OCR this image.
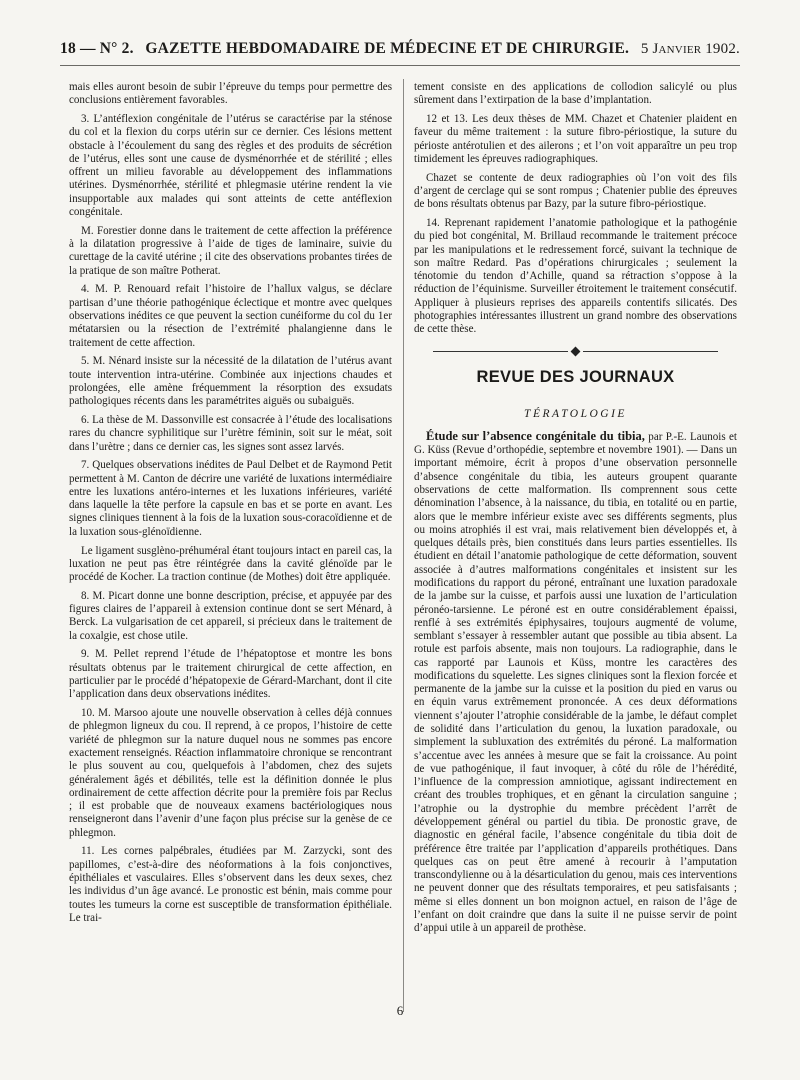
18 — N° 2. GAZETTE HEBDOMADAIRE DE MÉDECINE ET DE CHIRURGIE. 5 Janvier 1902.

mais elles auront besoin de subir l’épreuve du temps pour permettre des conclusions entièrement favorables.

3. L’antéflexion congénitale de l’utérus se caractérise par la sténose du col et la flexion du corps utérin sur ce dernier. Ces lésions mettent obstacle à l’écoulement du sang des règles et des produits de sécrétion de l’utérus, elles sont une cause de dysménorrhée et de stérilité ; elles offrent un milieu favorable au développement des inflammations utérines. Dysménorrhée, stérilité et phlegmasie utérine rendent la vie insupportable aux malades qui sont atteints de cette antéflexion congénitale.

M. Forestier donne dans le traitement de cette affection la préférence à la dilatation progressive à l’aide de tiges de laminaire, suivie du curettage de la cavité utérine ; il cite des observations probantes tirées de la pratique de son maître Potherat.

4. M. P. Renouard refait l’histoire de l’hallux valgus, se déclare partisan d’une théorie pathogénique éclectique et montre avec quelques observations inédites ce que peuvent la section cunéiforme du col du 1er métatarsien ou la résection de l’extrémité phalangienne dans le traitement de cette affection.

5. M. Nénard insiste sur la nécessité de la dilatation de l’utérus avant toute intervention intra-utérine. Combinée aux injections chaudes et prolongées, elle amène fréquemment la résorption des exsudats pathologiques récents dans les paramétrites aiguës ou subaiguës.

6. La thèse de M. Dassonville est consacrée à l’étude des localisations rares du chancre syphilitique sur l’urètre féminin, soit sur le méat, soit dans l’urètre ; dans ce dernier cas, les signes sont assez larvés.

7. Quelques observations inédites de Paul Delbet et de Raymond Petit permettent à M. Canton de décrire une variété de luxations intermédiaire entre les luxations antéro-internes et les luxations inférieures, variété dans laquelle la tête perfore la capsule en bas et se porte en avant. Les signes cliniques tiennent à la fois de la luxation sous-coracoïdienne et de la luxation sous-glénoïdienne.

Le ligament susglèno-préhuméral étant toujours intact en pareil cas, la luxation ne peut pas être réintégrée dans la cavité glénoïde par le procédé de Kocher. La traction continue (de Mothes) doit être appliquée.

8. M. Picart donne une bonne description, précise, et appuyée par des figures claires de l’appareil à extension continue dont se sert Ménard, à Berck. La vulgarisation de cet appareil, si précieux dans le traitement de la coxalgie, est chose utile.

9. M. Pellet reprend l’étude de l’hépatoptose et montre les bons résultats obtenus par le traitement chirurgical de cette affection, en particulier par le procédé d’hépatopexie de Gérard-Marchant, dont il cite l’application dans deux observations inédites.

10. M. Marsoo ajoute une nouvelle observation à celles déjà connues de phlegmon ligneux du cou. Il reprend, à ce propos, l’histoire de cette variété de phlegmon sur la nature duquel nous ne sommes pas encore exactement renseignés. Réaction inflammatoire chronique se rencontrant le plus souvent au cou, quelquefois à l’abdomen, chez des sujets généralement âgés et débilités, telle est la définition donnée le plus ordinairement de cette affection décrite pour la première fois par Reclus ; il est probable que de nouveaux examens bactériologiques nous renseigneront dans l’avenir d’une façon plus précise sur la genèse de ce phlegmon.

11. Les cornes palpébrales, étudiées par M. Zarzycki, sont des papillomes, c’est-à-dire des néoformations à la fois conjonctives, épithéliales et vasculaires. Elles s’observent dans les deux sexes, chez les individus d’un âge avancé. Le pronostic est bénin, mais comme pour toutes les tumeurs la corne est susceptible de transformation épithéliale. Le trai-

tement consiste en des applications de collodion salicylé ou plus sûrement dans l’extirpation de la base d’implantation.

12 et 13. Les deux thèses de MM. Chazet et Chatenier plaident en faveur du même traitement : la suture fibro-périostique, la suture du périoste antérotulien et des ailerons ; et l’on voit apparaître un peu trop timidement les épreuves radiographiques.

Chazet se contente de deux radiographies où l’on voit des fils d’argent de cerclage qui se sont rompus ; Chatenier publie des épreuves de bons résultats obtenus par Bazy, par la suture fibro-périostique.

14. Reprenant rapidement l’anatomie pathologique et la pathogénie du pied bot congénital, M. Brillaud recommande le traitement précoce par les manipulations et le redressement forcé, suivant la technique de son maître Redard. Pas d’opérations chirurgicales ; seulement la ténotomie du tendon d’Achille, quand sa rétraction s’oppose à la réduction de l’équinisme. Surveiller étroitement le traitement consécutif. Appliquer à plusieurs reprises des appareils contentifs silicatés. Des photographies intéressantes illustrent un grand nombre des observations de cette thèse.

REVUE DES JOURNAUX
TÉRATOLOGIE

Étude sur l’absence congénitale du tibia, par P.-E. Launois et G. Küss (Revue d’orthopédie, septembre et novembre 1901). — Dans un important mémoire, écrit à propos d’une observation personnelle d’absence congénitale du tibia, les auteurs groupent quarante observations de cette malformation. Ils comprennent sous cette dénomination l’absence, à la naissance, du tibia, en totalité ou en partie, alors que le membre inférieur existe avec ses différents segments, plus ou moins atrophiés il est vrai, mais relativement bien développés et, à quelques détails près, bien constitués dans leurs parties essentielles. Ils étudient en détail l’anatomie pathologique de cette déformation, souvent associée à d’autres malformations congénitales et insistent sur les modifications du rapport du péroné, entraînant une luxation paradoxale de la jambe sur la cuisse, et parfois aussi une luxation de l’articulation péronéo-tarsienne. Le péroné est en outre considérablement épaissi, renflé à ses extrémités épiphysaires, toujours augmenté de volume, semblant s’essayer à ressembler autant que possible au tibia absent. La rotule est parfois absente, mais non toujours. La radiographie, dans le cas rapporté par Launois et Küss, montre les caractères des modifications du squelette. Les signes cliniques sont la flexion forcée et permanente de la jambe sur la cuisse et la position du pied en varus ou en équin varus extrêmement prononcée. A ces deux déformations viennent s’ajouter l’atrophie considérable de la jambe, le défaut complet de solidité dans l’articulation du genou, la luxation paradoxale, ou simplement la subluxation des extrémités du péroné. La malformation s’accentue avec les années à mesure que se fait la croissance. Au point de vue pathogénique, il faut invoquer, à côté du rôle de l’hérédité, l’influence de la compression amniotique, agissant indirectement en créant des troubles trophiques, et en gênant la circulation sanguine ; l’atrophie ou la dystrophie du membre précèdent l’arrêt de développement général ou partiel du tibia. De pronostic grave, de diagnostic en général facile, l’absence congénitale du tibia doit de préférence être traitée par l’application d’appareils prothétiques. Dans quelques cas on peut être amené à recourir à l’amputation transcondylienne ou à la désarticulation du genou, mais ces interventions ne peuvent donner que des résultats temporaires, et peu satisfaisants ; même si elles donnent un bon moignon actuel, en raison de l’âge de l’enfant on doit craindre que dans la suite il ne puisse servir de point d’appui utile à un appareil de prothèse.

6
